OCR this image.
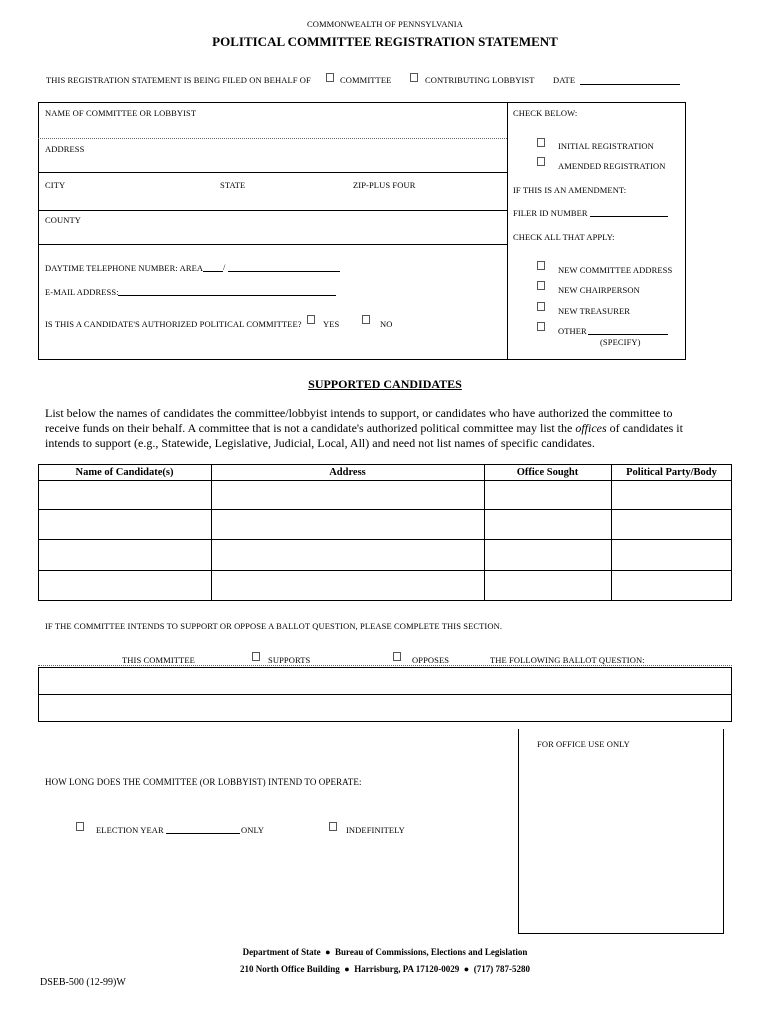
COMMONWEALTH OF PENNSYLVANIA
POLITICAL COMMITTEE REGISTRATION STATEMENT
THIS REGISTRATION STATEMENT IS BEING FILED ON BEHALF OF	COMMITTEE	CONTRIBUTING LOBBYIST DATE
NAME OF COMMITTEE OR LOBBYIST
ADDRESS
CITY	STATE	ZIP-PLUS FOUR
COUNTY
DAYTIME TELEPHONE NUMBER: AREA /
E-MAIL ADDRESS:
IS THIS A CANDIDATE'S AUTHORIZED POLITICAL COMMITTEE?	YES	NO
CHECK BELOW:
INITIAL REGISTRATION
AMENDED REGISTRATION
IF THIS IS AN AMENDMENT:
FILER ID NUMBER
CHECK ALL THAT APPLY:
NEW COMMITTEE ADDRESS
NEW CHAIRPERSON
NEW TREASURER
OTHER
(SPECIFY)
SUPPORTED CANDIDATES
List below the names of candidates the committee/lobbyist intends to support, or candidates who have authorized the committee to
receive funds on their behalf. A committee that is not a candidate's authorized political committee may list the offices of candidates it
intends to support (e.g., Statewide, Legislative, Judicial, Local, All) and need not list names of specific candidates.
Name of Candidate(s)	Address	Office Sought	Political Party/Body
IF THE COMMITTEE INTENDS TO SUPPORT OR OPPOSE A BALLOT QUESTION, PLEASE COMPLETE THIS SECTION.
THIS COMMITTEE	SUPPORTS	OPPOSES	THE FOLLOWING BALLOT QUESTION:
FOR OFFICE USE ONLY
HOW LONG DOES THE COMMITTEE (OR LOBBYIST) INTEND TO OPERATE:
ELECTION YEAR	ONLY	INDEFINITELY
Department of State  ●  Bureau of Commissions, Elections and Legislation
210 North Office Building  ●  Harrisburg, PA 17120-0029  ●  (717) 787-5280
DSEB-500 (12-99)W
